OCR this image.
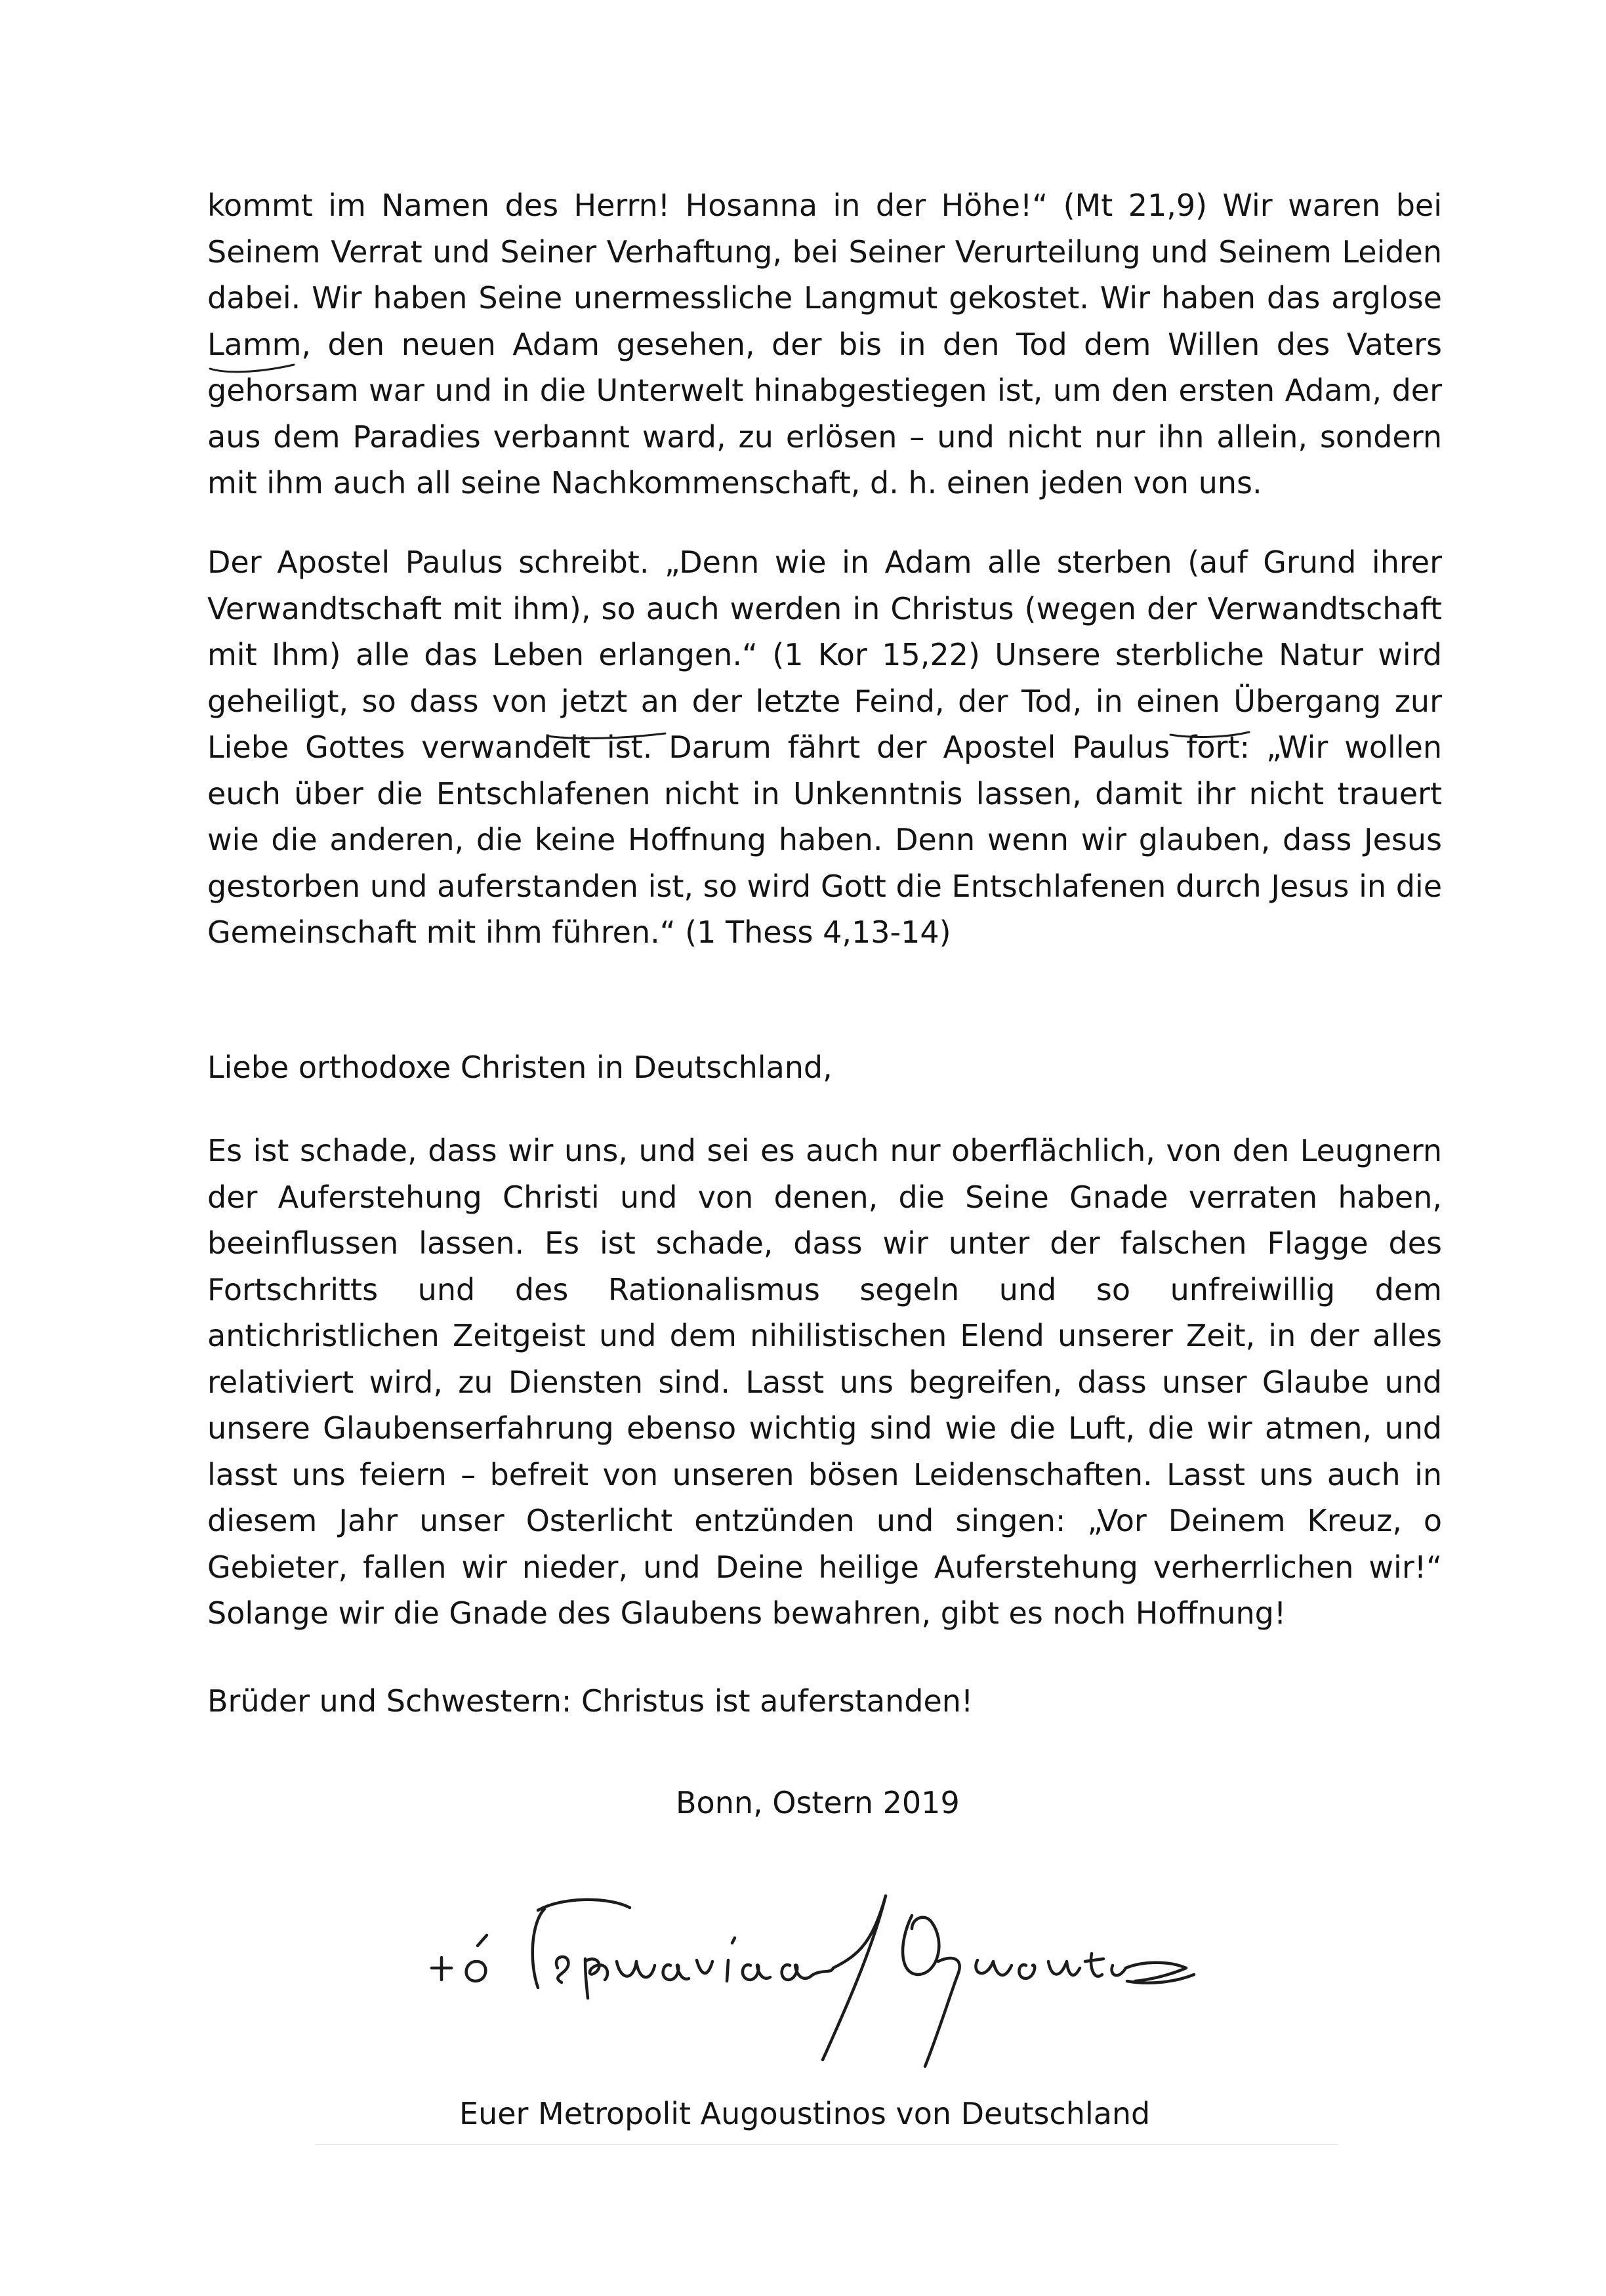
kommt im Namen des Herrn! Hosanna in der Höhe!“ (Mt 21,9) Wir waren bei Seinem Verrat und Seiner Verhaftung, bei Seiner Verurteilung und Seinem Leiden dabei. Wir haben Seine unermessliche Langmut gekostet. Wir haben das arglose Lamm, den neuen Adam gesehen, der bis in den Tod dem Willen des Vaters gehorsam war und in die Unterwelt hinabgestiegen ist, um den ersten Adam, der aus dem Paradies verbannt ward, zu erlösen – und nicht nur ihn allein, sondern mit ihm auch all seine Nachkommenschaft, d. h. einen jeden von uns.

Der Apostel Paulus schreibt. „Denn wie in Adam alle sterben (auf Grund ihrer Verwandtschaft mit ihm), so auch werden in Christus (wegen der Verwandtschaft mit Ihm) alle das Leben erlangen.“ (1 Kor 15,22) Unsere sterbliche Natur wird geheiligt, so dass von jetzt an der letzte Feind, der Tod, in einen Übergang zur Liebe Gottes verwandelt ist. Darum fährt der Apostel Paulus fort: „Wir wollen euch über die Entschlafenen nicht in Unkenntnis lassen, damit ihr nicht trauert wie die anderen, die keine Hoffnung haben. Denn wenn wir glauben, dass Jesus gestorben und auferstanden ist, so wird Gott die Entschlafenen durch Jesus in die Gemeinschaft mit ihm führen.“ (1 Thess 4,13-14)

Liebe orthodoxe Christen in Deutschland,

Es ist schade, dass wir uns, und sei es auch nur oberflächlich, von den Leugnern der Auferstehung Christi und von denen, die Seine Gnade verraten haben, beeinflussen lassen. Es ist schade, dass wir unter der falschen Flagge des Fortschritts und des Rationalismus segeln und so unfreiwillig dem antichristlichen Zeitgeist und dem nihilistischen Elend unserer Zeit, in der alles relativiert wird, zu Diensten sind. Lasst uns begreifen, dass unser Glaube und unsere Glaubenserfahrung ebenso wichtig sind wie die Luft, die wir atmen, und lasst uns feiern – befreit von unseren bösen Leidenschaften. Lasst uns auch in diesem Jahr unser Osterlicht entzünden und singen: „Vor Deinem Kreuz, o Gebieter, fallen wir nieder, und Deine heilige Auferstehung verherrlichen wir!“ Solange wir die Gnade des Glaubens bewahren, gibt es noch Hoffnung!

Brüder und Schwestern: Christus ist auferstanden!

Bonn, Ostern 2019

Euer Metropolit Augoustinos von Deutschland
